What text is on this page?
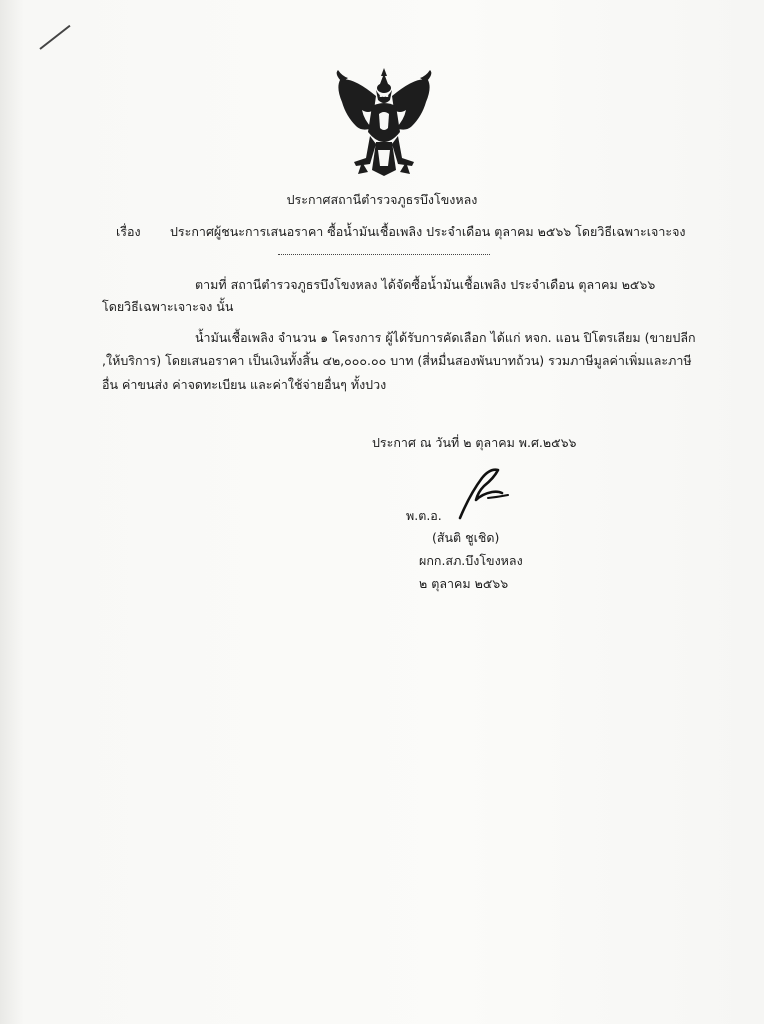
ประกาศสถานีตำรวจภูธรบึงโขงหลง
เรื่อง ประกาศผู้ชนะการเสนอราคา ซื้อน้ำมันเชื้อเพลิง ประจำเดือน ตุลาคม ๒๕๖๖ โดยวิธีเฉพาะเจาะจง
ตามที่ สถานีตำรวจภูธรบึงโขงหลง ได้จัดซื้อน้ำมันเชื้อเพลิง ประจำเดือน ตุลาคม ๒๕๖๖
โดยวิธีเฉพาะเจาะจง นั้น
น้ำมันเชื้อเพลิง จำนวน ๑ โครงการ ผู้ได้รับการคัดเลือก ได้แก่ หจก. แอน ปิโตรเลียม (ขายปลีก
,ให้บริการ) โดยเสนอราคา เป็นเงินทั้งสิ้น ๔๒,๐๐๐.๐๐ บาท (สี่หมื่นสองพันบาทถ้วน) รวมภาษีมูลค่าเพิ่มและภาษี
อื่น ค่าขนส่ง ค่าจดทะเบียน และค่าใช้จ่ายอื่นๆ ทั้งปวง
ประกาศ ณ วันที่ ๒ ตุลาคม พ.ศ.๒๕๖๖
พ.ต.อ.
(สันติ ชูเชิด)
ผกก.สภ.บึงโขงหลง
๒ ตุลาคม ๒๕๖๖
